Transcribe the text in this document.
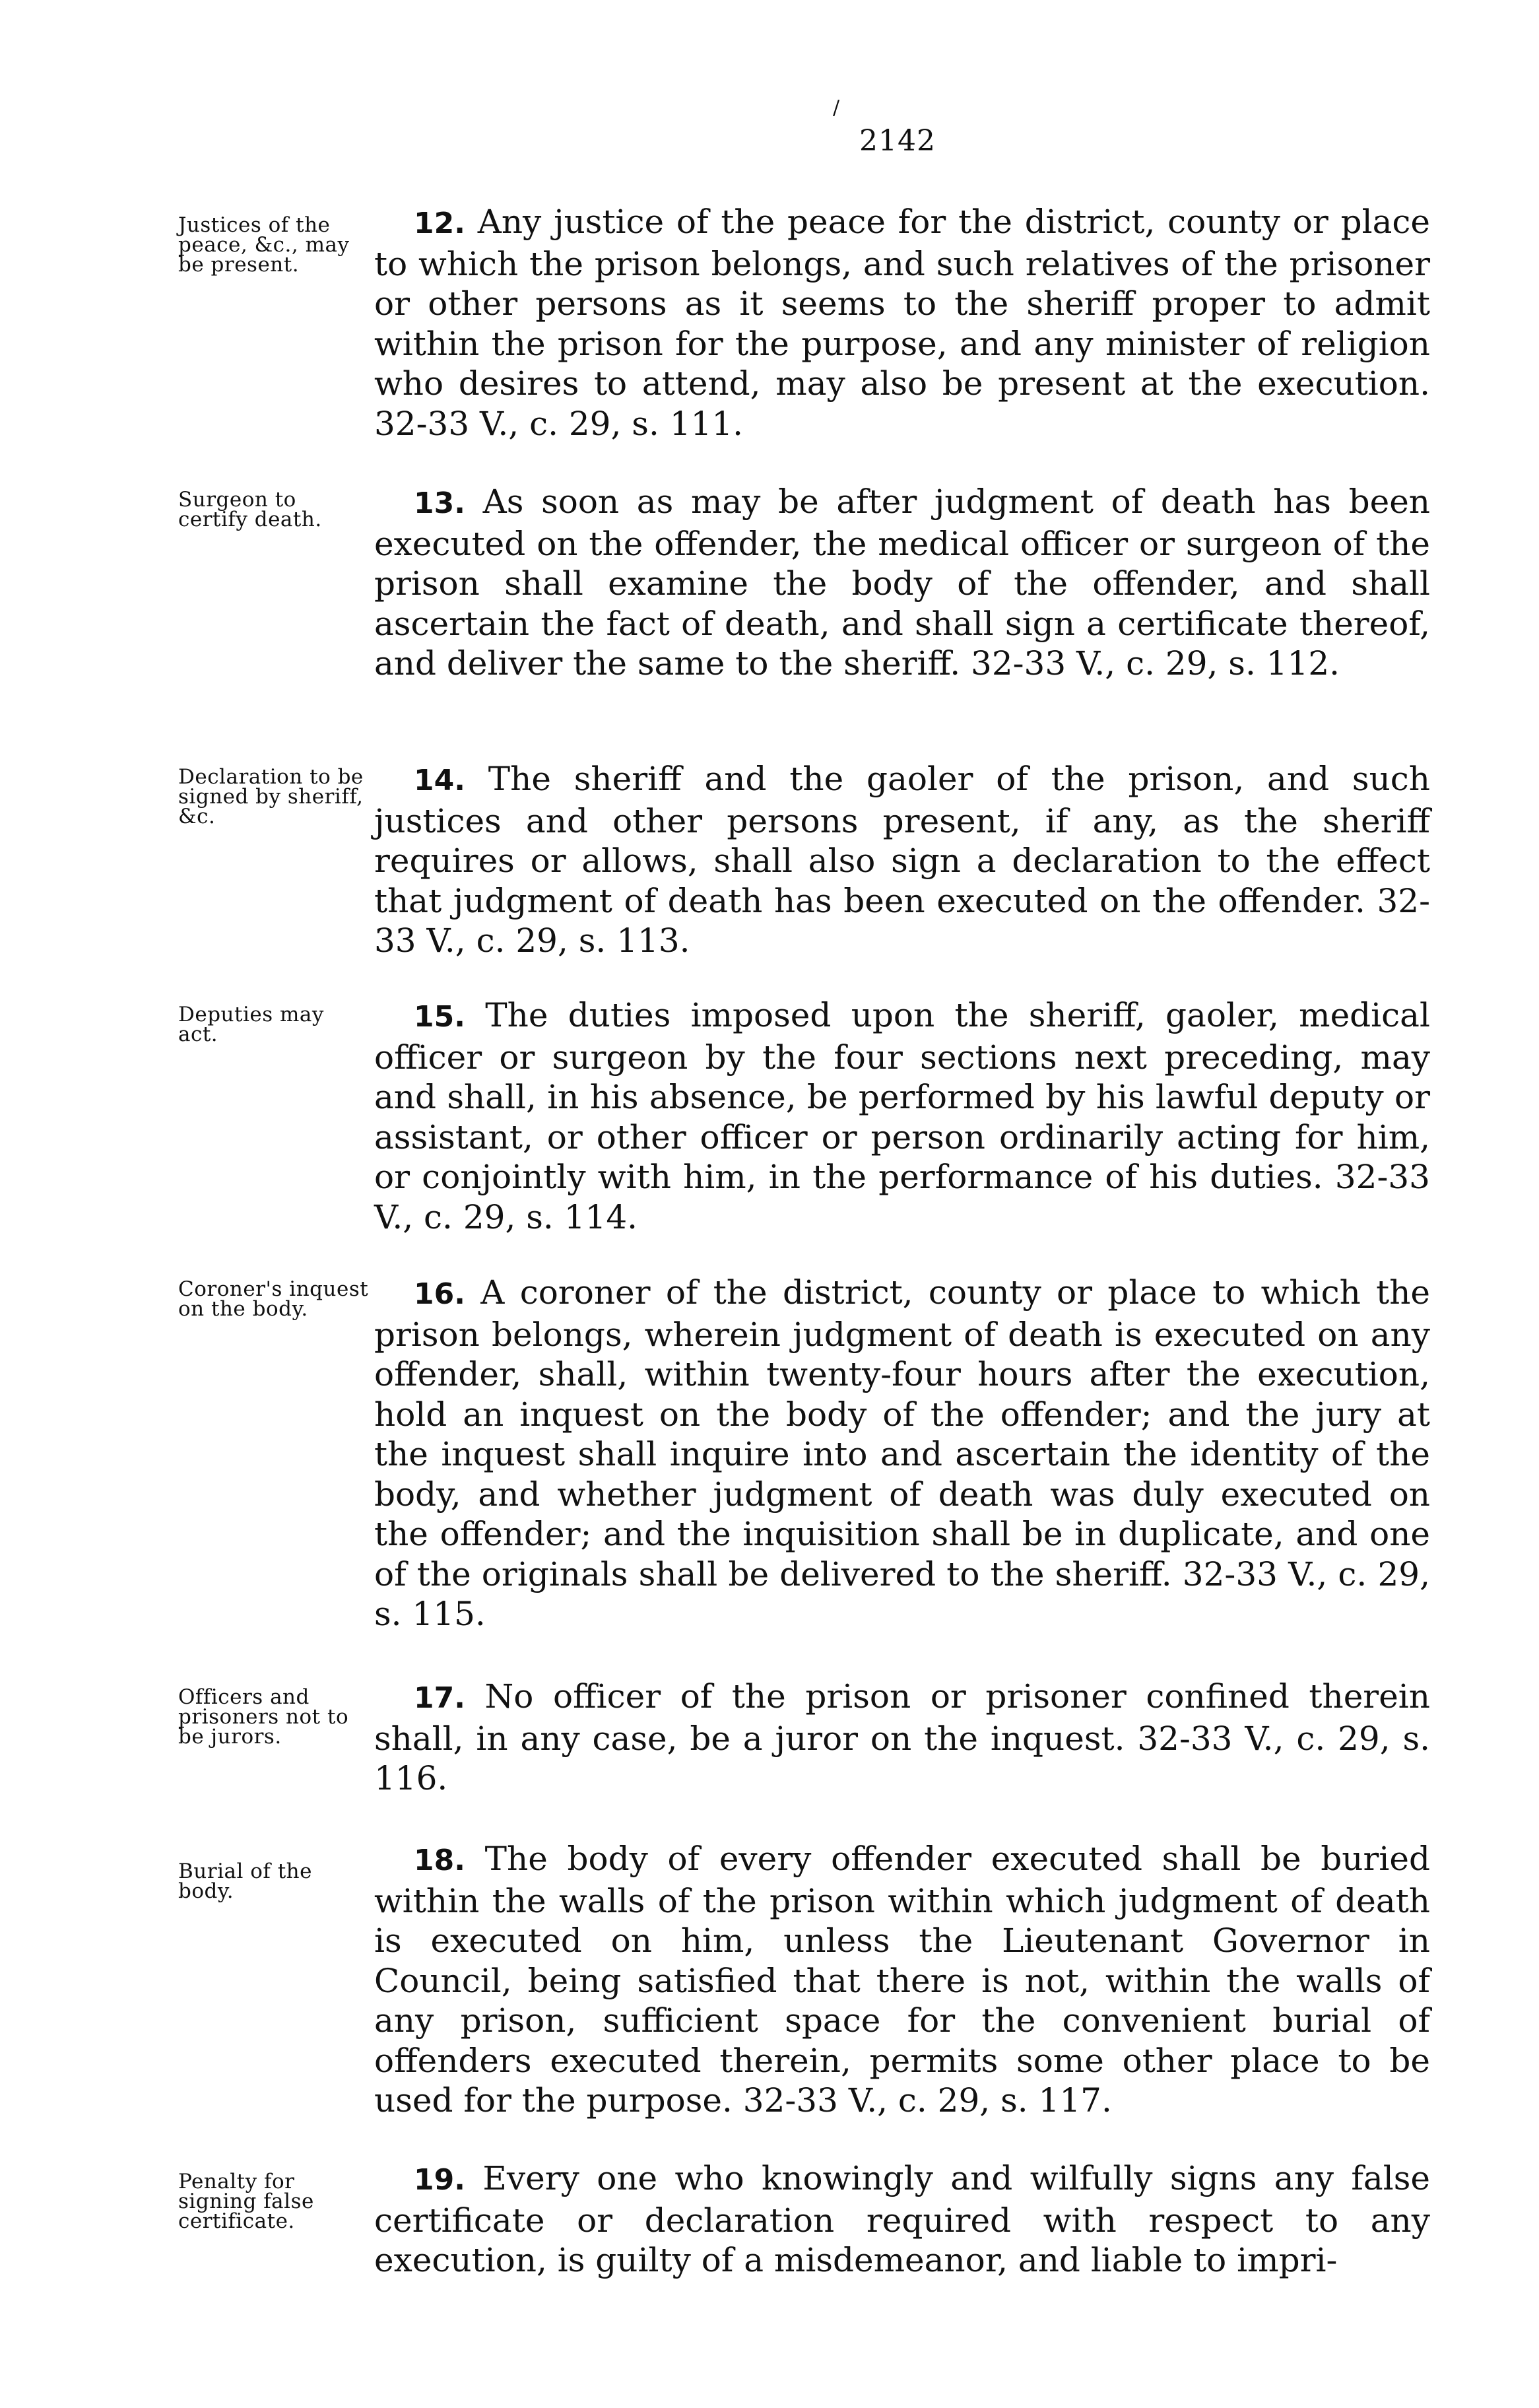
/
2142
Justices of the peace, &c., may be present.
12. Any justice of the peace for the district, county or place to which the prison belongs, and such relatives of the prisoner or other persons as it seems to the sheriff proper to admit within the prison for the purpose, and any minister of religion who desires to attend, may also be present at the execution. 32-33 V., c. 29, s. 111.
Surgeon to certify death.	13. As soon as may be after judgment of death has been executed on the offender, the medical officer or surgeon of the prison shall examine the body of the offender, and shall ascertain the fact of death, and shall sign a certificate thereof, and deliver the same to the sheriff. 32-33 V., c. 29, s. 112.
Declaration to be signed by sheriff, &c.
14. The sheriff and the gaoler of the prison, and such justices and other persons present, if any, as the sheriff requires or allows, shall also sign a declaration to the effect that judgment of death has been executed on the offender. 32-33 V., c. 29, s. 113.
Deputies may act.
15. The duties imposed upon the sheriff, gaoler, medical officer or surgeon by the four sections next preceding, may and shall, in his absence, be performed by his lawful deputy or assistant, or other officer or person ordinarily acting for him, or conjointly with him, in the performance of his duties. 32-33 V., c. 29, s. 114.
Coroner's inquest on the body.	16. A coroner of the district, county or place to which the prison belongs, wherein judgment of death is executed on any offender, shall, within twenty-four hours after the execution, hold an inquest on the body of the offender; and the jury at the inquest shall inquire into and ascertain the identity of the body, and whether judgment of death was duly executed on the offender; and the inquisition shall be in duplicate, and one of the originals shall be delivered to the sheriff. 32-33 V., c. 29, s. 115.
Officers and prisoners not to be jurors.
17. No officer of the prison or prisoner confined therein shall, in any case, be a juror on the inquest. 32-33 V., c. 29, s. 116.
Burial of the body.
18. The body of every offender executed shall be buried within the walls of the prison within which judgment of death is executed on him, unless the Lieutenant Governor in Council, being satisfied that there is not, within the walls of any prison, sufficient space for the convenient burial of offenders executed therein, permits some other place to be used for the purpose. 32-33 V., c. 29, s. 117.
Penalty for signing false certificate.
19. Every one who knowingly and wilfully signs any false certificate or declaration required with respect to any execution, is guilty of a misdemeanor, and liable to impri-
